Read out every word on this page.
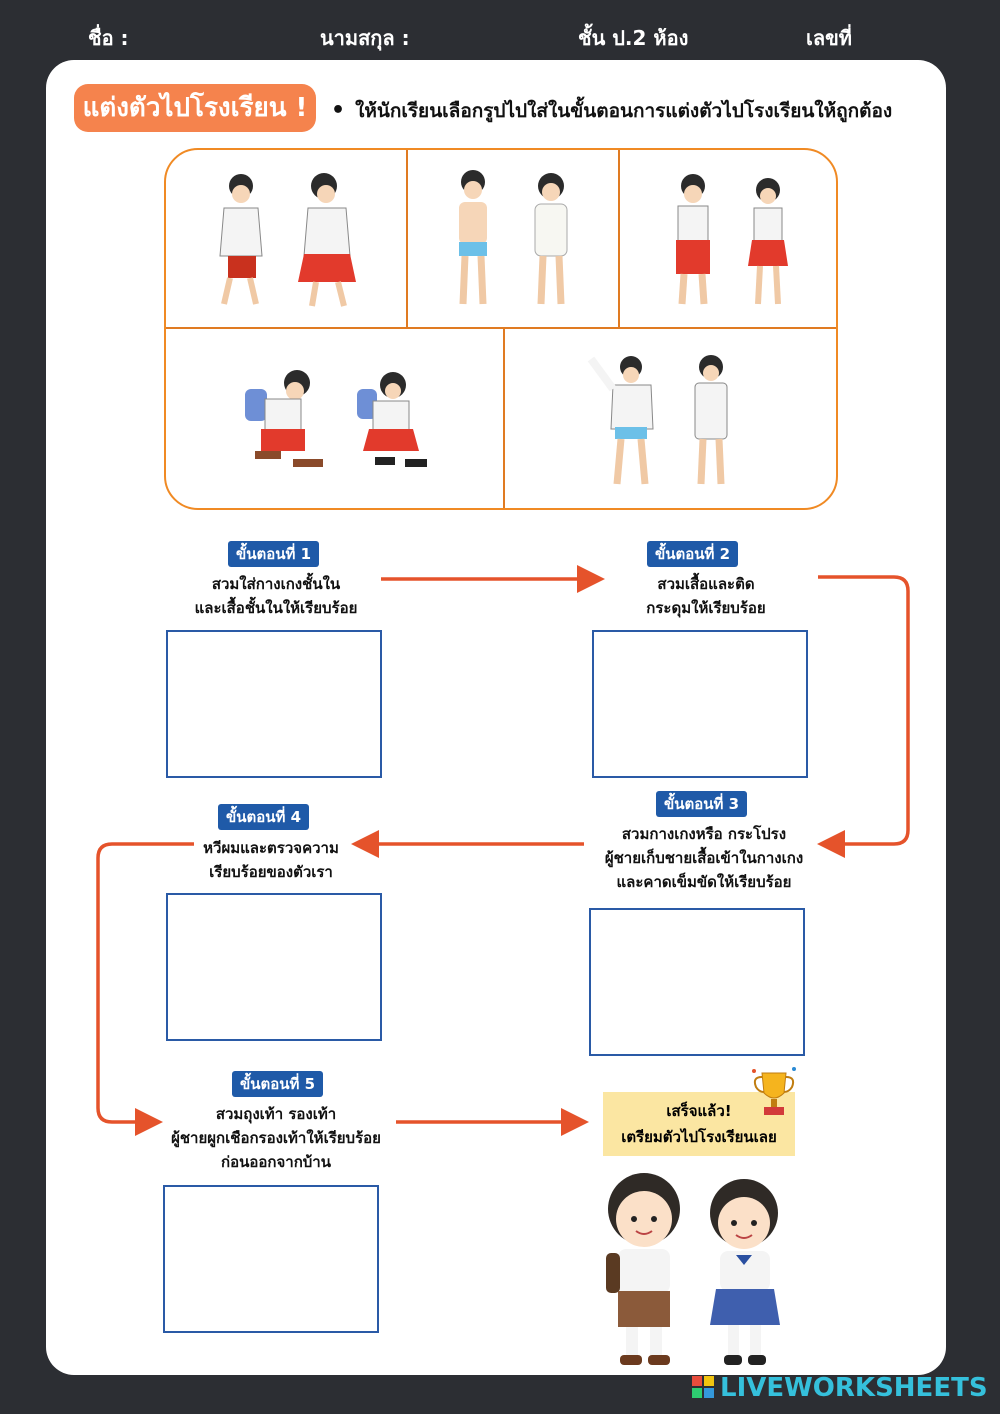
ชื่อ :	นามสกุล :	ชั้น ป.2 ห้อง	เลขที่
แต่งตัวไปโรงเรียน !	• ให้นักเรียนเลือกรูปไปใส่ในขั้นตอนการแต่งตัวไปโรงเรียนให้ถูกต้อง
ขั้นตอนที่ 1
สวมใส่กางเกงชั้นใน
และเสื้อชั้นในให้เรียบร้อย
ขั้นตอนที่ 2
สวมเสื้อและติด
กระดุมให้เรียบร้อย
ขั้นตอนที่ 3
สวมกางเกงหรือ กระโปรง
ผู้ชายเก็บชายเสื้อเข้าในกางเกง
และคาดเข็มขัดให้เรียบร้อย
ขั้นตอนที่ 4
หวีผมและตรวจความ
เรียบร้อยของตัวเรา
ขั้นตอนที่ 5
สวมถุงเท้า รองเท้า
ผู้ชายผูกเชือกรองเท้าให้เรียบร้อย
ก่อนออกจากบ้าน
เสร็จแล้ว!
เตรียมตัวไปโรงเรียนเลย
LIVEWORKSHEETS
